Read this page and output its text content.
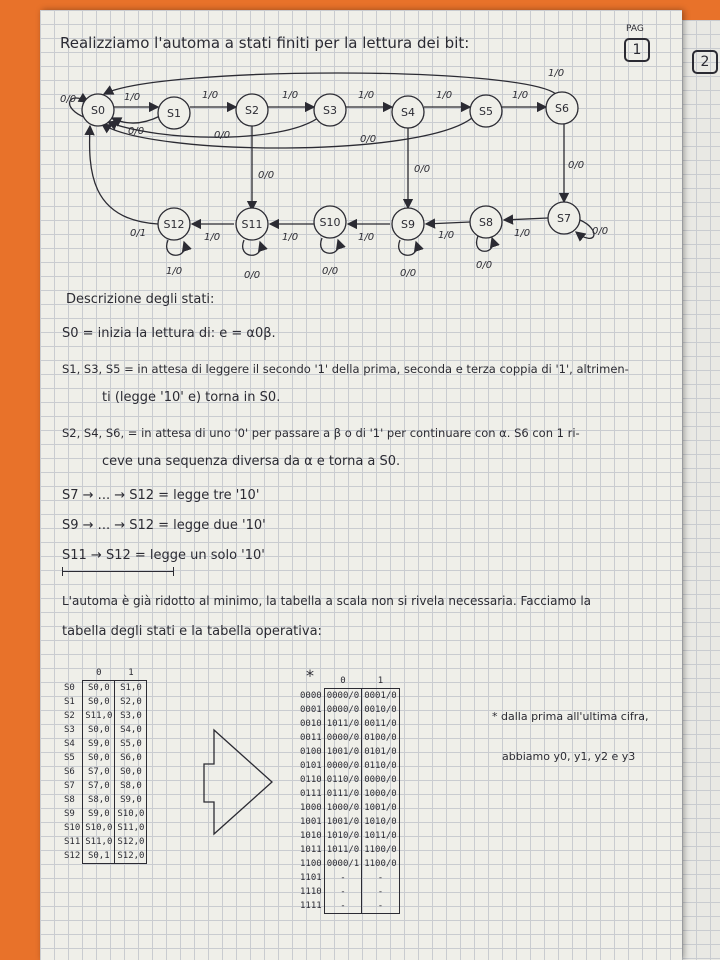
2
PAG
1
Realizziamo l'automa a stati finiti per la lettura dei bit:
S0	S1	S2	S3	S4	S5	S6
S7
S8
S9
S10
S11
S12
0/0	1/0	1/0	1/0	1/0	1/0	1/0
1/0
0/0	0/0	0/0
0/0
0/0	0/0
0/0
0/1
1/0
1/0
0/0
1/0
0/0
1/0
0/0
1/0
0/0
1/0
Descrizione degli stati:
S0 = inizia la lettura di: e = α0β.
S1, S3, S5 = in attesa di leggere il secondo '1' della prima, seconda e terza coppia di '1', altrimen-
ti (legge '10' e) torna in S0.
S2, S4, S6, = in attesa di uno '0' per passare a β o di '1' per continuare con α. S6 con 1 ri-
ceve una sequenza diversa da α e torna a S0.
S7 → ... → S12 = legge tre '10'
S9 → ... → S12 = legge due '10'
S11 → S12 = legge un solo '10'
L'automa è già ridotto al minimo, la tabella a scala non si rivela necessaria. Facciamo la
tabella degli stati e la tabella operativa:
	0	1
S0	S0,0	S1,0
S1	S0,0	S2,0
S2	S11,0	S3,0
S3	S0,0	S4,0
S4	S9,0	S5,0
S5	S0,0	S6,0
S6	S7,0	S0,0
S7	S7,0	S8,0
S8	S8,0	S9,0
S9	S9,0	S10,0
S10	S10,0	S11,0
S11	S11,0	S12,0
S12	S0,1	S12,0
*
		0	1
0000	0000/0	0001/0
0001	0000/0	0010/0
0010	1011/0	0011/0
0011	0000/0	0100/0
0100	1001/0	0101/0
0101	0000/0	0110/0
0110	0110/0	0000/0
0111	0111/0	1000/0
1000	1000/0	1001/0
1001	1001/0	1010/0
1010	1010/0	1011/0
1011	1011/0	1100/0
1100	0000/1	1100/0
1101	-	-
1110	-	-
1111	-	-
* dalla prima all'ultima cifra,
abbiamo y0, y1, y2 e y3
